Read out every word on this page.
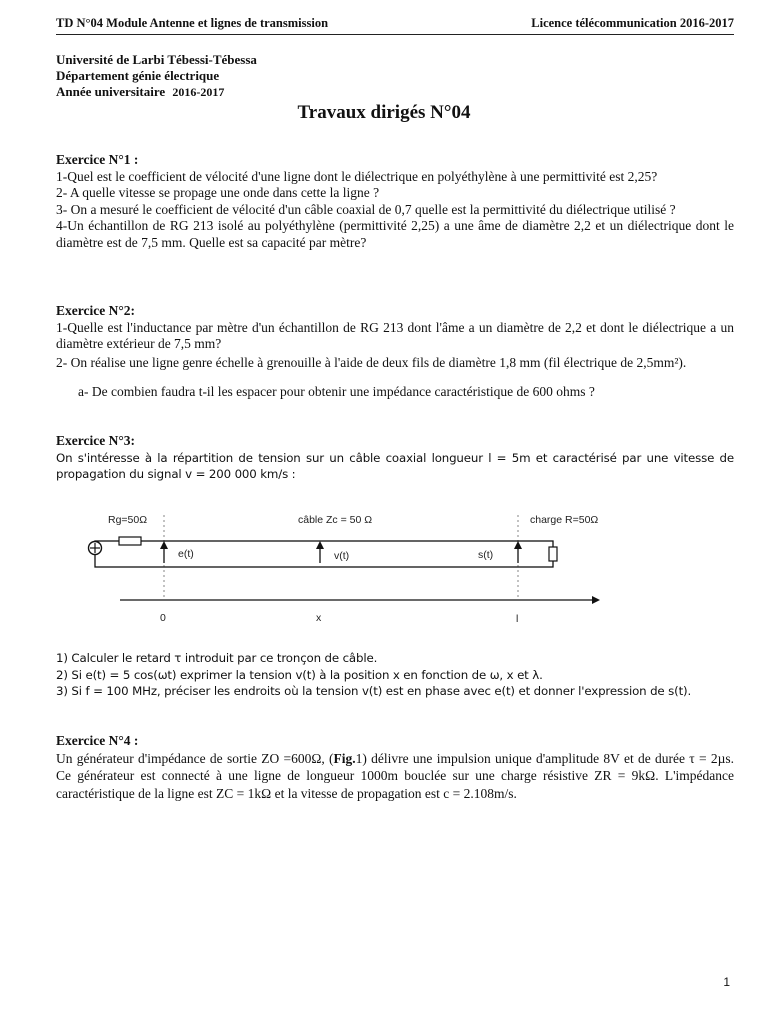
TD N°04 Module Antenne et lignes de transmission	Licence télécommunication 2016-2017
Université de Larbi Tébessi-Tébessa
Département génie électrique
Année universitaire 2016-2017
Travaux dirigés N°04

Exercice N°1 :

1-Quel est le coefficient de vélocité d'une ligne dont le diélectrique en polyéthylène à une permittivité est 2,25?

2- A quelle vitesse se propage une onde dans cette la ligne ?

3- On a mesuré le coefficient de vélocité d'un câble coaxial de 0,7 quelle est la permittivité du diélectrique utilisé ?

4-Un échantillon de RG 213 isolé au polyéthylène (permittivité 2,25) a une âme de diamètre 2,2 et un diélectrique dont le diamètre est de 7,5 mm. Quelle est sa capacité par mètre?

Exercice N°2:

1-Quelle est l'inductance par mètre d'un échantillon de RG 213 dont l'âme a un diamètre de 2,2 et dont le diélectrique a un diamètre extérieur de 7,5 mm?

2- On réalise une ligne genre échelle à grenouille à l'aide de deux fils de diamètre 1,8 mm (fil électrique de 2,5mm²).

a- De combien faudra t-il les espacer pour obtenir une impédance caractéristique de 600 ohms ?

Exercice N°3:

On s'intéresse à la répartition de tension sur un câble coaxial longueur l = 5m et caractérisé par une vitesse de propagation du signal v = 200 000 km/s :

Rg=50Ω	câble Zc = 50 Ω	charge R=50Ω
e(t)	v(t)	s(t)
0	x	l

1) Calculer le retard τ introduit par ce tronçon de câble.

2) Si e(t) = 5 cos(ωt) exprimer la tension v(t) à la position x en fonction de ω, x et λ.

3) Si f = 100 MHz, préciser les endroits où la tension v(t) est en phase avec e(t) et donner l'expression de s(t).

Exercice N°4 :

Un générateur d'impédance de sortie ZO =600Ω, (Fig.1) délivre une impulsion unique d'amplitude 8V et de durée τ = 2µs. Ce générateur est connecté à une ligne de longueur 1000m bouclée sur une charge résistive ZR = 9kΩ. L'impédance caractéristique de la ligne est ZC = 1kΩ et la vitesse de propagation est c = 2.108m/s.

1
